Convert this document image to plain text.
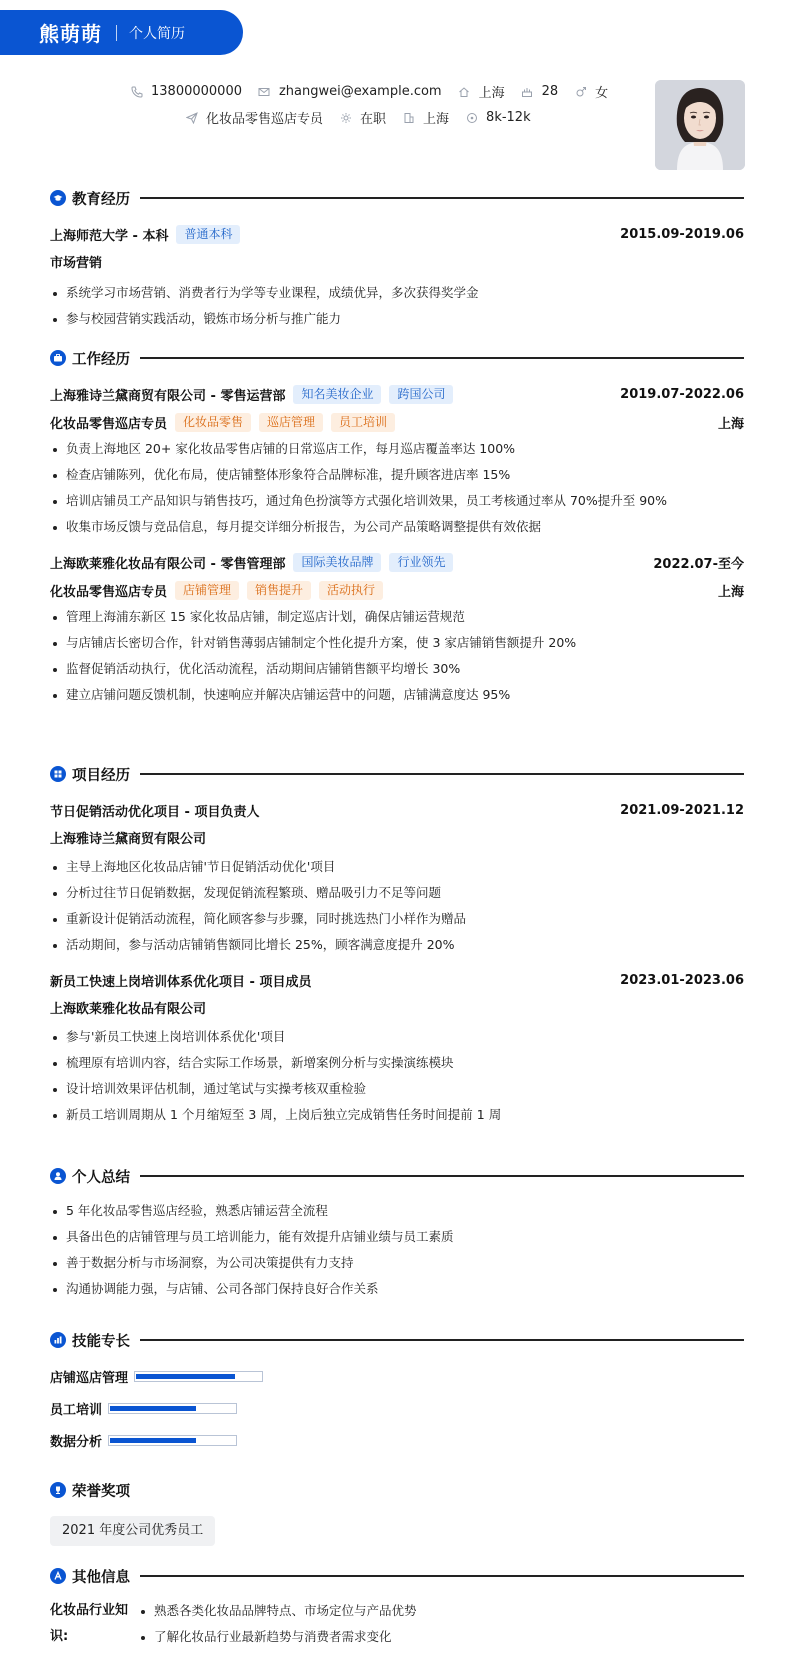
熊萌萌 个人简历
13800000000	zhangwei@example.com	上海	28	女
化妆品零售巡店专员	在职	上海	8k-12k
教育经历
上海师范大学 - 本科	普通本科	2015.09-2019.06
市场营销
系统学习市场营销、消费者行为学等专业课程，成绩优异，多次获得奖学金
参与校园营销实践活动，锻炼市场分析与推广能力
工作经历
上海雅诗兰黛商贸有限公司 - 零售运营部	知名美妆企业	跨国公司	2019.07-2022.06
化妆品零售巡店专员	化妆品零售	巡店管理	员工培训	上海
负责上海地区 20+ 家化妆品零售店铺的日常巡店工作，每月巡店覆盖率达 100%
检查店铺陈列，优化布局，使店铺整体形象符合品牌标准，提升顾客进店率 15%
培训店铺员工产品知识与销售技巧，通过角色扮演等方式强化培训效果，员工考核通过率从 70%提升至 90%
收集市场反馈与竞品信息，每月提交详细分析报告，为公司产品策略调整提供有效依据
上海欧莱雅化妆品有限公司 - 零售管理部	国际美妆品牌	行业领先	2022.07-至今
化妆品零售巡店专员	店铺管理	销售提升	活动执行	上海
管理上海浦东新区 15 家化妆品店铺，制定巡店计划，确保店铺运营规范
与店铺店长密切合作，针对销售薄弱店铺制定个性化提升方案，使 3 家店铺销售额提升 20%
监督促销活动执行，优化活动流程，活动期间店铺销售额平均增长 30%
建立店铺问题反馈机制，快速响应并解决店铺运营中的问题，店铺满意度达 95%
项目经历
节日促销活动优化项目 - 项目负责人	2021.09-2021.12
上海雅诗兰黛商贸有限公司
主导上海地区化妆品店铺'节日促销活动优化'项目
分析过往节日促销数据，发现促销流程繁琐、赠品吸引力不足等问题
重新设计促销活动流程，简化顾客参与步骤，同时挑选热门小样作为赠品
活动期间，参与活动店铺销售额同比增长 25%，顾客满意度提升 20%
新员工快速上岗培训体系优化项目 - 项目成员	2023.01-2023.06
上海欧莱雅化妆品有限公司
参与'新员工快速上岗培训体系优化'项目
梳理原有培训内容，结合实际工作场景，新增案例分析与实操演练模块
设计培训效果评估机制，通过笔试与实操考核双重检验
新员工培训周期从 1 个月缩短至 3 周，上岗后独立完成销售任务时间提前 1 周
个人总结
5 年化妆品零售巡店经验，熟悉店铺运营全流程
具备出色的店铺管理与员工培训能力，能有效提升店铺业绩与员工素质
善于数据分析与市场洞察，为公司决策提供有力支持
沟通协调能力强，与店铺、公司各部门保持良好合作关系
技能专长
店铺巡店管理
员工培训
数据分析
荣誉奖项
2021 年度公司优秀员工
其他信息
化妆品行业知识:
熟悉各类化妆品品牌特点、市场定位与产品优势
了解化妆品行业最新趋势与消费者需求变化
